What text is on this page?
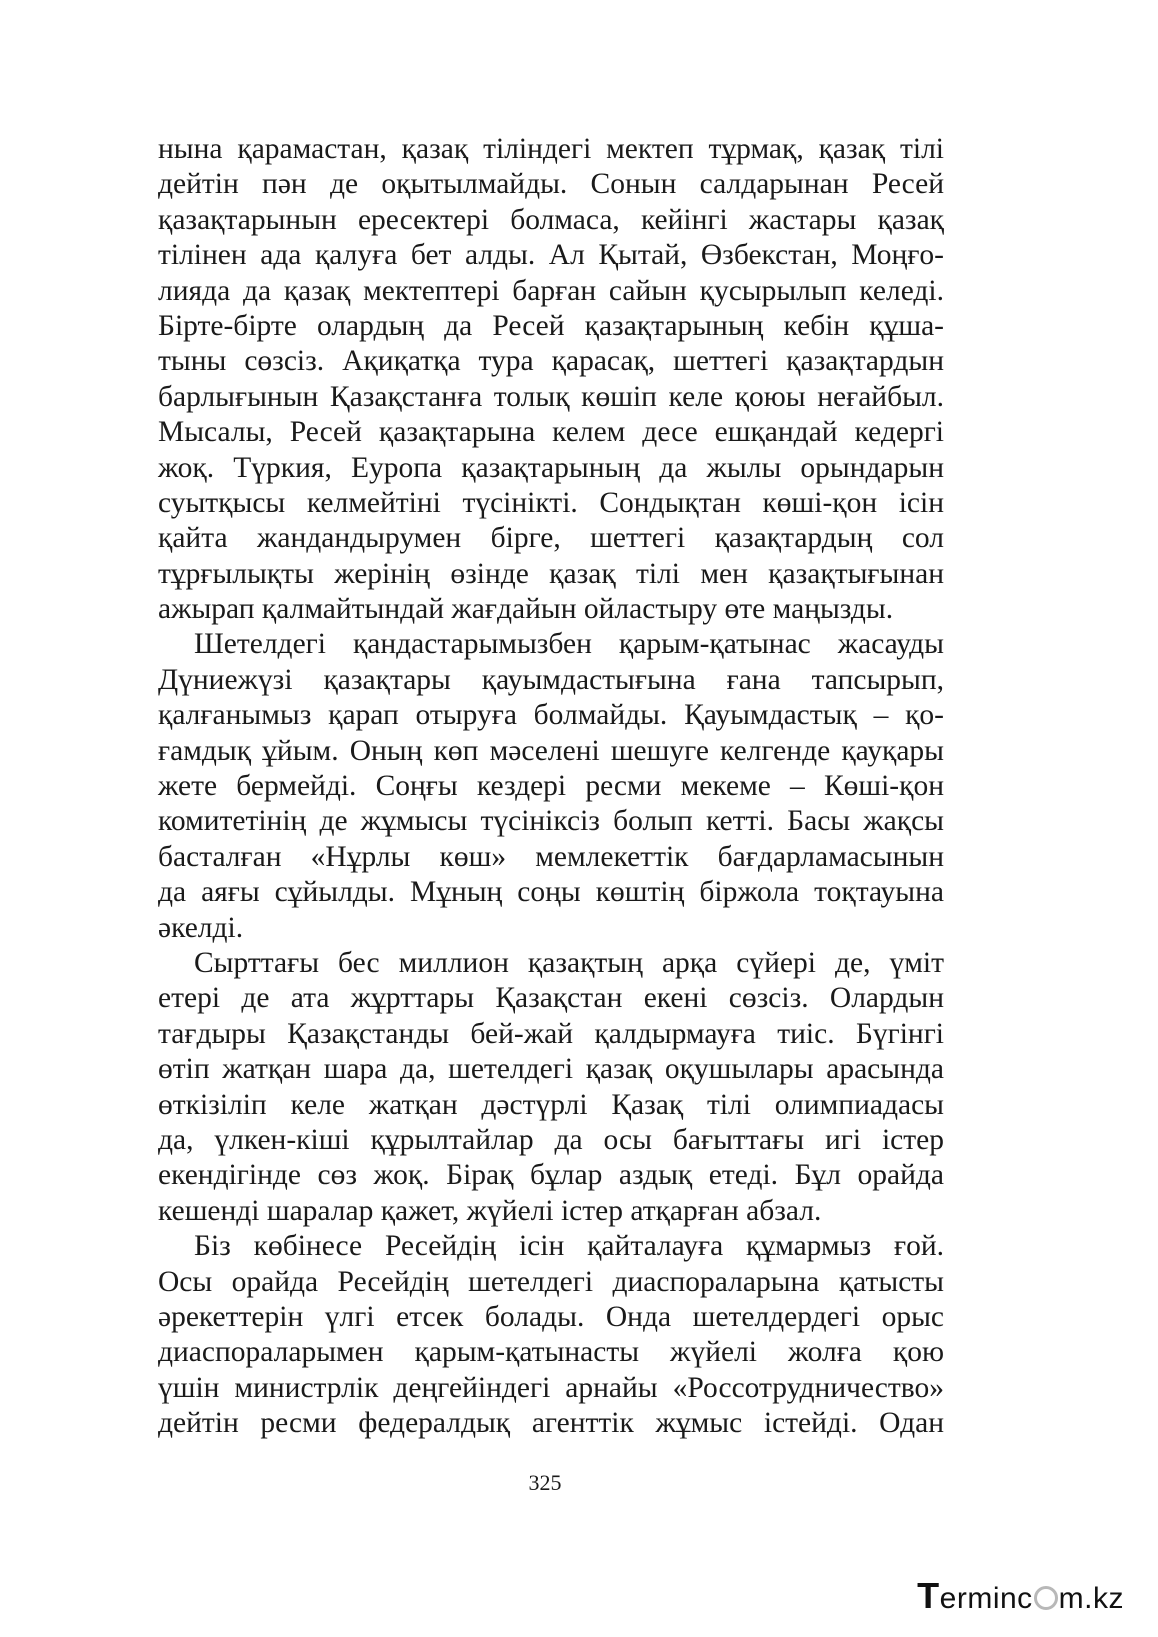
нына қарамастан, қазақ тіліндегі мектеп тұрмақ, қазақ тілі
дейтін пән де оқытылмайды. Сонын салдарынан Ресей
қазақтарынын ересектері болмаса, кейінгі жастары қазақ
тілінен ада қалуға бет алды. Ал Қытай, Өзбекстан, Моңғо-
лияда да қазақ мектептері барған сайын қусырылып келеді.
Бірте-бірте олардың да Ресей қазақтарының кебін құша-
тыны сөзсіз. Ақиқатқа тура қарасақ, шеттегі қазақтардын
барлығынын Қазақстанға толық көшіп келе қоюы неғайбыл.
Мысалы, Ресей қазақтарына келем десе ешқандай кедергі
жоқ. Түркия, Еуропа қазақтарының да жылы орындарын
суытқысы келмейтіні түсінікті. Сондықтан көші-қон ісін
қайта жандандырумен бірге, шеттегі қазақтардың сол
тұрғылықты жерінің өзінде қазақ тілі мен қазақтығынан
ажырап қалмайтындай жағдайын ойластыру өте маңызды.
Шетелдегі қандастарымызбен қарым-қатынас жасауды
Дүниежүзі қазақтары қауымдастығына ғана тапсырып,
қалғанымыз қарап отыруға болмайды. Қауымдастық – қо-
ғамдық ұйым. Оның көп мәселені шешуге келгенде қауқары
жете бермейді. Соңғы кездері ресми мекеме – Көші-қон
комитетінің де жұмысы түсініксіз болып кетті. Басы жақсы
басталған «Нұрлы көш» мемлекеттік бағдарламасынын
да аяғы сұйылды. Мұның соңы көштің біржола тоқтауына
әкелді.
Сырттағы бес миллион қазақтың арқа сүйері де, үміт
етері де ата жұрттары Қазақстан екені сөзсіз. Олардын
тағдыры Қазақстанды бей-жай қалдырмауға тиіс. Бүгінгі
өтіп жатқан шара да, шетелдегі қазақ оқушылары арасында
өткізіліп келе жатқан дәстүрлі Қазақ тілі олимпиадасы
да, үлкен-кіші құрылтайлар да осы бағыттағы игі істер
екендігінде сөз жоқ. Бірақ бұлар аздық етеді. Бұл орайда
кешенді шаралар қажет, жүйелі істер атқарған абзал.
Біз көбінесе Ресейдің ісін қайталауға құмармыз ғой.
Осы орайда Ресейдің шетелдегі диаспораларына қатысты
әрекеттерін үлгі етсек болады. Онда шетелдердегі орыс
диаспораларымен қарым-қатынасты жүйелі жолға қою
үшін министрлік деңгейіндегі арнайы «Россотрудничество»
дейтін ресми федералдық агенттік жұмыс істейді. Одан
325
Terminc m.kz
